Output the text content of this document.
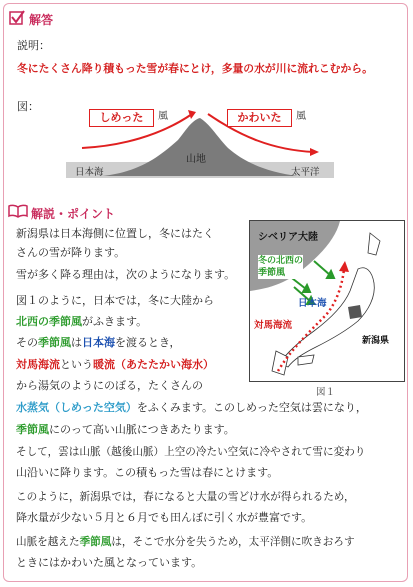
解答
説明：
冬にたくさん降り積もった雪が春にとけ，多量の水が川に流れこむから。
図：
しめった	風	かわいた	風
山地
日本海	太平洋
解説・ポイント
新潟県は日本海側に位置し，冬にはたく
さんの雪が降ります。
雪が多く降る理由は，次のようになります。
図１のように，日本では，冬に大陸から
北西の季節風がふきます。
その季節風は日本海を渡るとき，
対馬海流という暖流（あたたかい海水）
から湯気のようにのぼる，たくさんの
水蒸気（しめった空気）をふくみます。このしめった空気は雲になり，
季節風にのって高い山脈につきあたります。
そして，雲は山脈（越後山脈）上空の冷たい空気に冷やされて雪に変わり
山沿いに降ります。この積もった雪は春にとけます。
このように，新潟県では，春になると大量の雪どけ水が得られるため，
降水量が少ない５月と６月でも田んぼに引く水が豊富です。
山脈を越えた季節風は，そこで水分を失うため，太平洋側に吹きおろす
ときにはかわいた風となっています。
シベリア大陸
冬の北西の
季節風
日本海
対馬海流
新潟県
図１
